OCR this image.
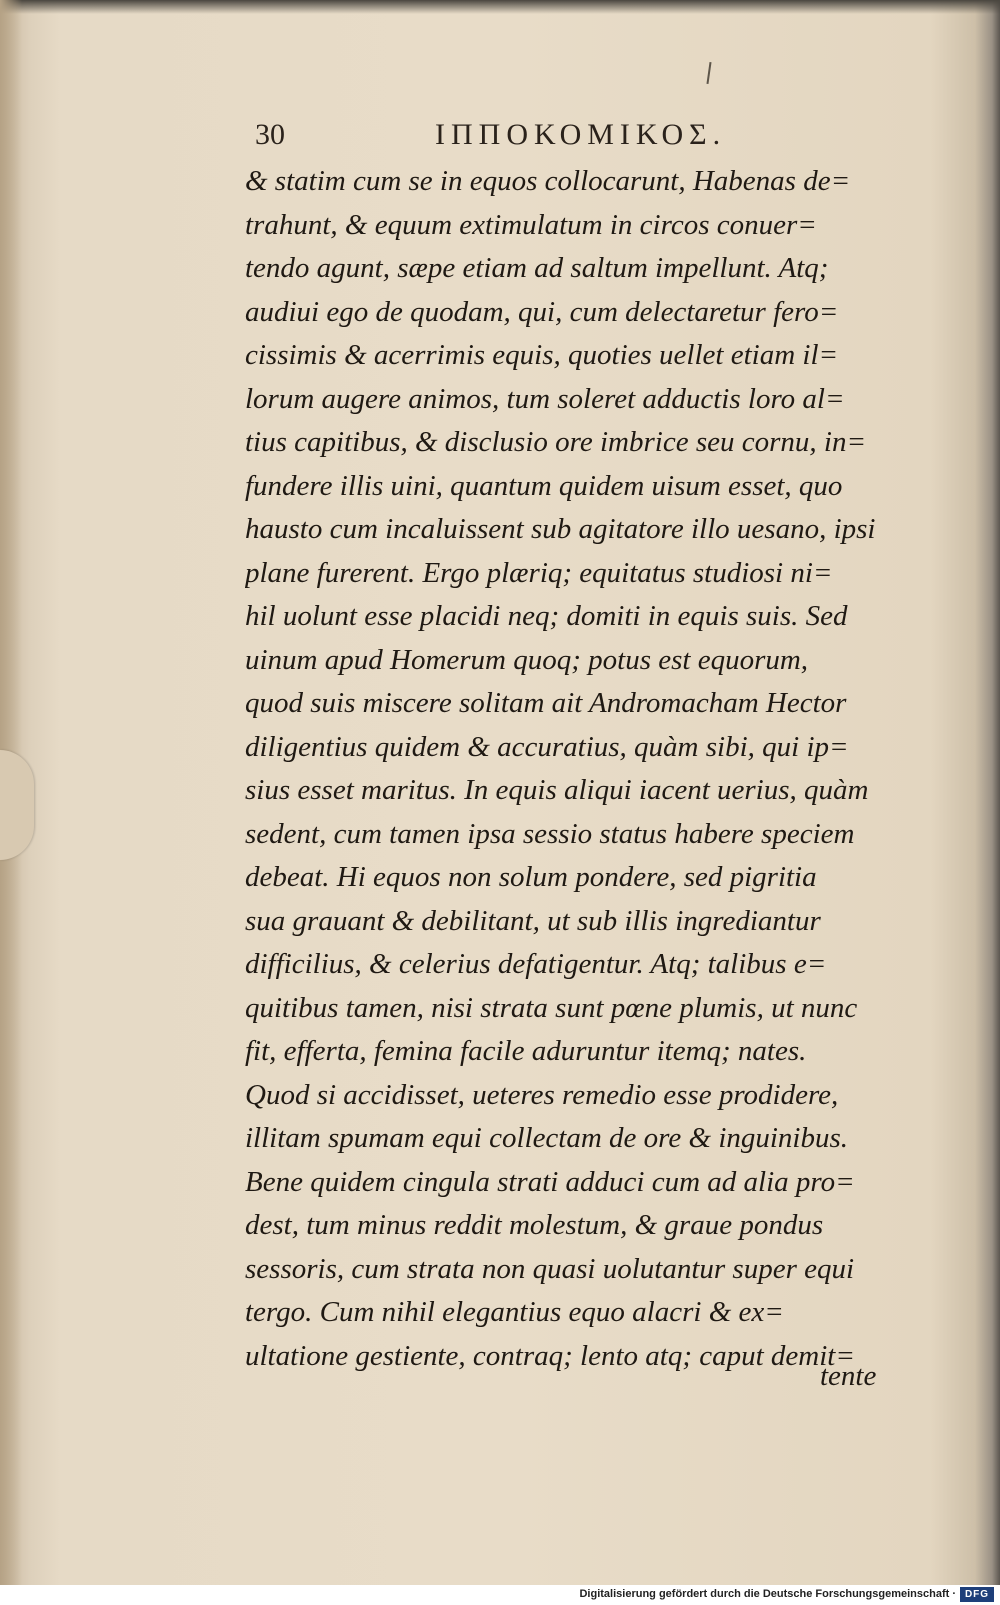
30	ΙΠΠΟΚΟΜΙΚΟΣ.
& statim cum se in equos collocarunt, Habenas de=
trahunt, & equum extimulatum in circos conuer=
tendo agunt, sæpe etiam ad saltum impellunt. Atq;
audiui ego de quodam, qui, cum delectaretur fero=
cissimis & acerrimis equis, quoties uellet etiam il=
lorum augere animos, tum soleret adductis loro al=
tius capitibus, & disclusio ore imbrice seu cornu, in=
fundere illis uini, quantum quidem uisum esset, quo
hausto cum incaluissent sub agitatore illo uesano, ipsi
plane furerent. Ergo plæriq; equitatus studiosi ni=
hil uolunt esse placidi neq; domiti in equis suis. Sed
uinum apud Homerum quoq; potus est equorum,
quod suis miscere solitam ait Andromacham Hector
diligentius quidem & accuratius, quàm sibi, qui ip=
sius esset maritus. In equis aliqui iacent uerius, quàm
sedent, cum tamen ipsa sessio status habere speciem
debeat. Hi equos non solum pondere, sed pigritia
sua grauant & debilitant, ut sub illis ingrediantur
difficilius, & celerius defatigentur. Atq; talibus e=
quitibus tamen, nisi strata sunt pœne plumis, ut nunc
fit, efferta, femina facile aduruntur itemq; nates.
Quod si accidisset, ueteres remedio esse prodidere,
illitam spumam equi collectam de ore & inguinibus.
Bene quidem cingula strati adduci cum ad alia pro=
dest, tum minus reddit molestum, & graue pondus
sessoris, cum strata non quasi uolutantur super equi
tergo. Cum nihil elegantius equo alacri & ex=
ultatione gestiente, contraq; lento atq; caput demit=
tente
Digitalisierung gefördert durch die Deutsche Forschungsgemeinschaft · DFG
